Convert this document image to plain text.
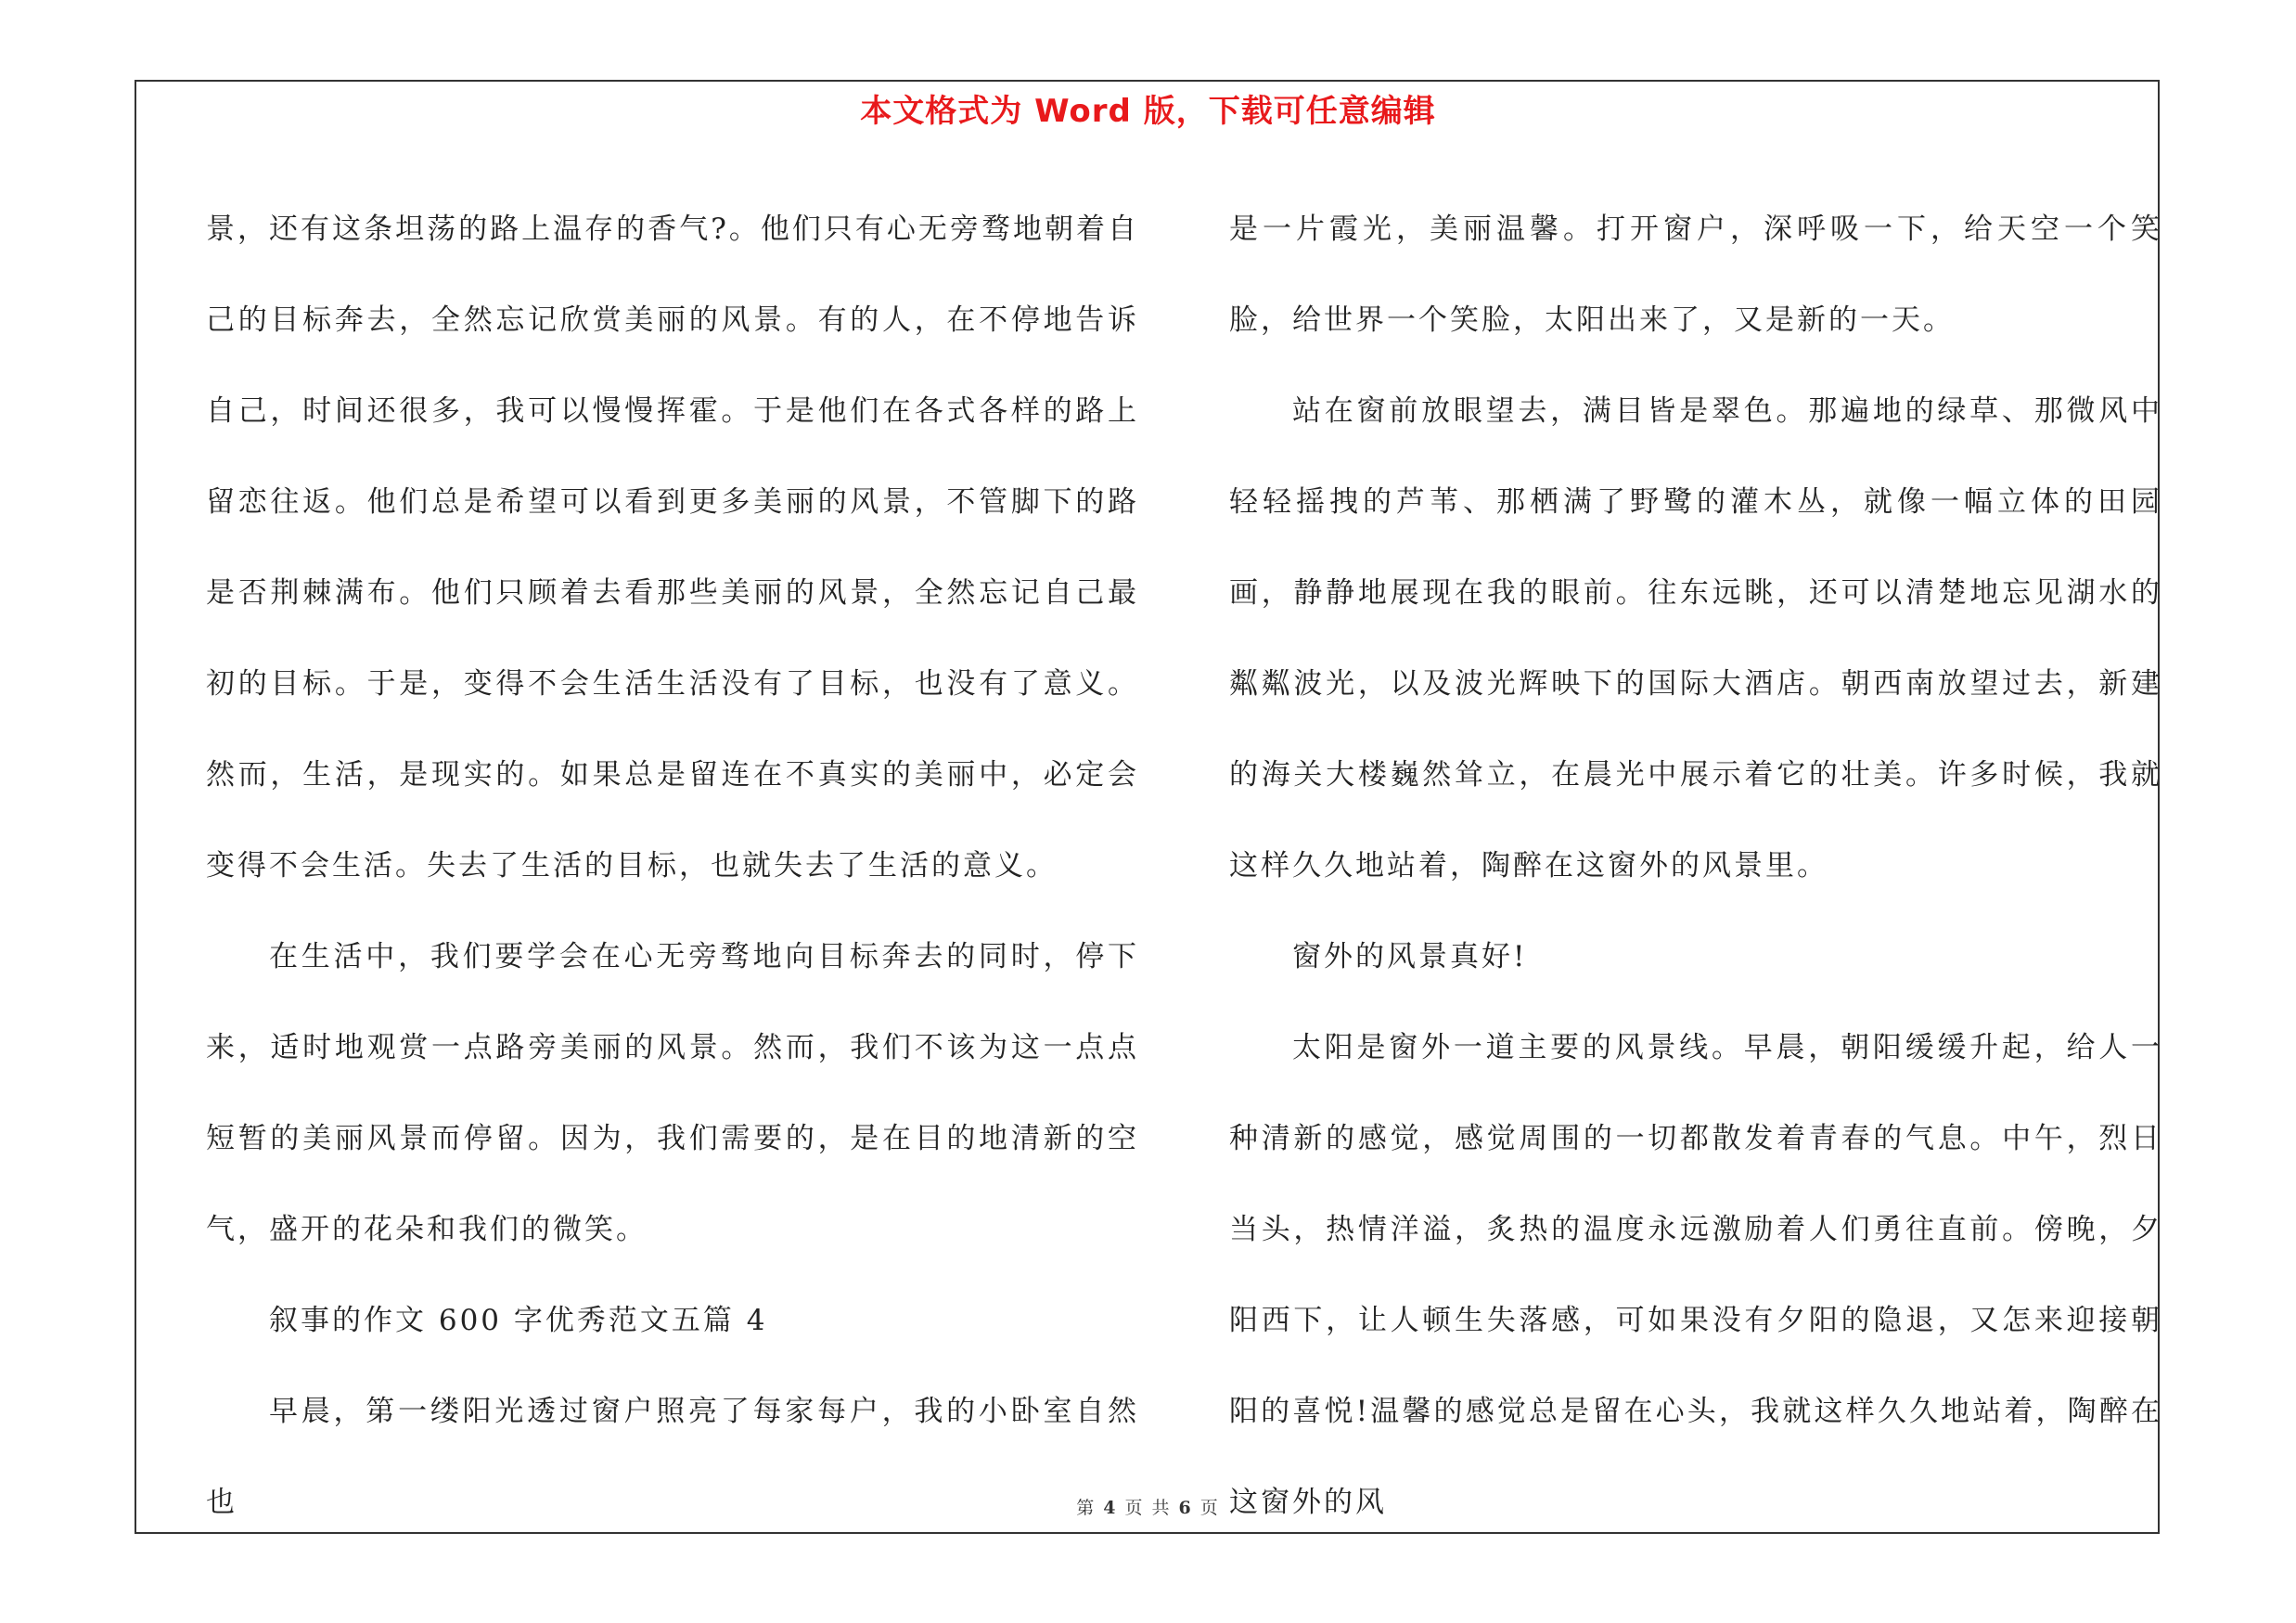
本文格式为 Word 版，下载可任意编辑

景，还有这条坦荡的路上温存的香气?。他们只有心无旁骛地朝着自己的目标奔去，全然忘记欣赏美丽的风景。有的人，在不停地告诉自己，时间还很多，我可以慢慢挥霍。于是他们在各式各样的路上留恋往返。他们总是希望可以看到更多美丽的风景，不管脚下的路是否荆棘满布。他们只顾着去看那些美丽的风景，全然忘记自己最初的目标。于是，变得不会生活生活没有了目标，也没有了意义。然而，生活，是现实的。如果总是留连在不真实的美丽中，必定会变得不会生活。失去了生活的目标，也就失去了生活的意义。

在生活中，我们要学会在心无旁骛地向目标奔去的同时，停下来，适时地观赏一点路旁美丽的风景。然而，我们不该为这一点点短暂的美丽风景而停留。因为，我们需要的，是在目的地清新的空气，盛开的花朵和我们的微笑。

叙事的作文 600 字优秀范文五篇 4

早晨，第一缕阳光透过窗户照亮了每家每户，我的小卧室自然也

是一片霞光，美丽温馨。打开窗户，深呼吸一下，给天空一个笑脸，给世界一个笑脸，太阳出来了，又是新的一天。

站在窗前放眼望去，满目皆是翠色。那遍地的绿草、那微风中轻轻摇拽的芦苇、那栖满了野鹭的灌木丛，就像一幅立体的田园画，静静地展现在我的眼前。往东远眺，还可以清楚地忘见湖水的粼粼波光，以及波光辉映下的国际大酒店。朝西南放望过去，新建的海关大楼巍然耸立，在晨光中展示着它的壮美。许多时候，我就这样久久地站着，陶醉在这窗外的风景里。

窗外的风景真好!

太阳是窗外一道主要的风景线。早晨，朝阳缓缓升起，给人一种清新的感觉，感觉周围的一切都散发着青春的气息。中午，烈日当头，热情洋溢，炙热的温度永远激励着人们勇往直前。傍晚，夕阳西下，让人顿生失落感，可如果没有夕阳的隐退，又怎来迎接朝阳的喜悦!温馨的感觉总是留在心头，我就这样久久地站着，陶醉在这窗外的风

第 4 页 共 6 页
